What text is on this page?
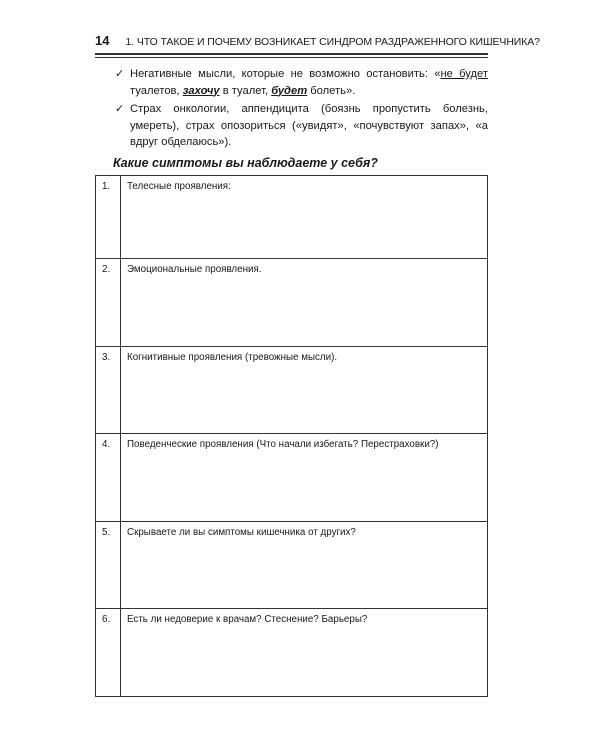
14 1. ЧТО ТАКОЕ И ПОЧЕМУ ВОЗНИКАЕТ СИНДРОМ РАЗДРАЖЕННОГО КИШЕЧНИКА?
✓ Негативные мысли, которые не возможно остановить: «не будет туалетов, захочу в туалет, будет болеть».
✓ Страх онкологии, аппендицита (боязнь пропустить болезнь, умереть), страх опозориться («увидят», «почувствуют запах», «а вдруг обделаюсь»).
Какие симптомы вы наблюдаете у себя?
1.	Телесные проявления:
2.	Эмоциональные проявления.
3.	Когнитивные проявления (тревожные мысли).
4.	Поведенческие проявления (Что начали избегать? Перестраховки?)
5.	Скрываете ли вы симптомы кишечника от других?
6.	Есть ли недоверие к врачам? Стеснение? Барьеры?
